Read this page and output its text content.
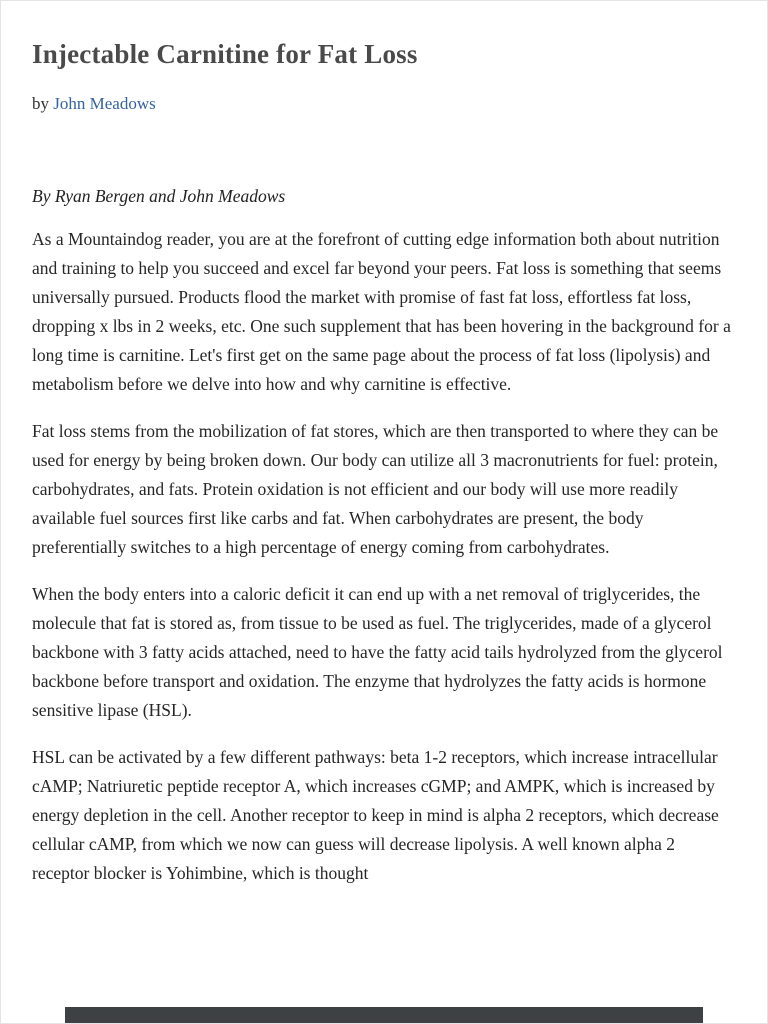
Injectable Carnitine for Fat Loss
by John Meadows
By Ryan Bergen and John Meadows

As a Mountaindog reader, you are at the forefront of cutting edge information both about nutrition and training to help you succeed and excel far beyond your peers. Fat loss is something that seems universally pursued. Products flood the market with promise of fast fat loss, effortless fat loss, dropping x lbs in 2 weeks, etc. One such supplement that has been hovering in the background for a long time is carnitine. Let's first get on the same page about the process of fat loss (lipolysis) and metabolism before we delve into how and why carnitine is effective.

Fat loss stems from the mobilization of fat stores, which are then transported to where they can be used for energy by being broken down. Our body can utilize all 3 macronutrients for fuel: protein, carbohydrates, and fats. Protein oxidation is not efficient and our body will use more readily available fuel sources first like carbs and fat. When carbohydrates are present, the body preferentially switches to a high percentage of energy coming from carbohydrates.

When the body enters into a caloric deficit it can end up with a net removal of triglycerides, the molecule that fat is stored as, from tissue to be used as fuel. The triglycerides, made of a glycerol backbone with 3 fatty acids attached, need to have the fatty acid tails hydrolyzed from the glycerol backbone before transport and oxidation. The enzyme that hydrolyzes the fatty acids is hormone sensitive lipase (HSL).

HSL can be activated by a few different pathways: beta 1-2 receptors, which increase intracellular cAMP; Natriuretic peptide receptor A, which increases cGMP; and AMPK, which is increased by energy depletion in the cell. Another receptor to keep in mind is alpha 2 receptors, which decrease cellular cAMP, from which we now can guess will decrease lipolysis. A well known alpha 2 receptor blocker is Yohimbine, which is thought
